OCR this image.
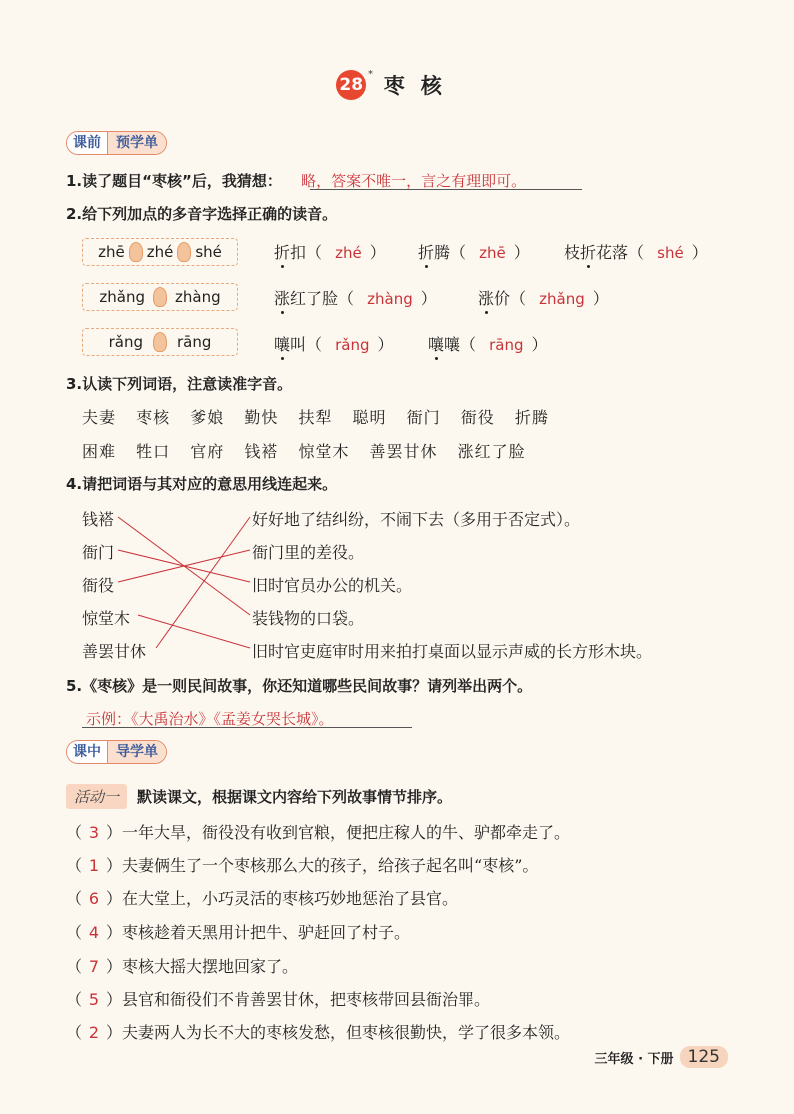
28 * 枣核
课前	预学单
1.读了题目“枣核”后，我猜想： 略，答案不唯一，言之有理即可。
2.给下列加点的多音字选择正确的读音。
zhē zhé shé	折扣（ zhé ） 折腾（ zhē ） 枝折花落（ shé ）
zhǎng zhàng	涨红了脸（ zhàng ）	涨价（ zhǎng ）
rǎng rāng	嚷叫（ rǎng ） 嚷嚷（ rāng ）
3.认读下列词语，注意读准字音。
夫妻 枣核 爹娘 勤快 扶犁 聪明 衙门 衙役 折腾
困难 牲口 官府 钱褡 惊堂木 善罢甘休 涨红了脸
4.请把词语与其对应的意思用线连起来。
钱褡
衙门
衙役
惊堂木
善罢甘休
好好地了结纠纷，不闹下去（多用于否定式）。
衙门里的差役。
旧时官员办公的机关。
装钱物的口袋。
旧时官吏庭审时用来拍打桌面以显示声威的长方形木块。
5.《枣核》是一则民间故事，你还知道哪些民间故事？请列举出两个。
示例：《大禹治水》《孟姜女哭长城》。
课中	导学单
活动一	默读课文，根据课文内容给下列故事情节排序。
（ 3 ）一年大旱，衙役没有收到官粮，便把庄稼人的牛、驴都牵走了。
（ 1 ）夫妻俩生了一个枣核那么大的孩子，给孩子起名叫“枣核”。
（ 6 ）在大堂上，小巧灵活的枣核巧妙地惩治了县官。
（ 4 ）枣核趁着天黑用计把牛、驴赶回了村子。
（ 7 ）枣核大摇大摆地回家了。
（ 5 ）县官和衙役们不肯善罢甘休，把枣核带回县衙治罪。
（ 2 ）夫妻两人为长不大的枣核发愁，但枣核很勤快，学了很多本领。
三年级 · 下册 125
